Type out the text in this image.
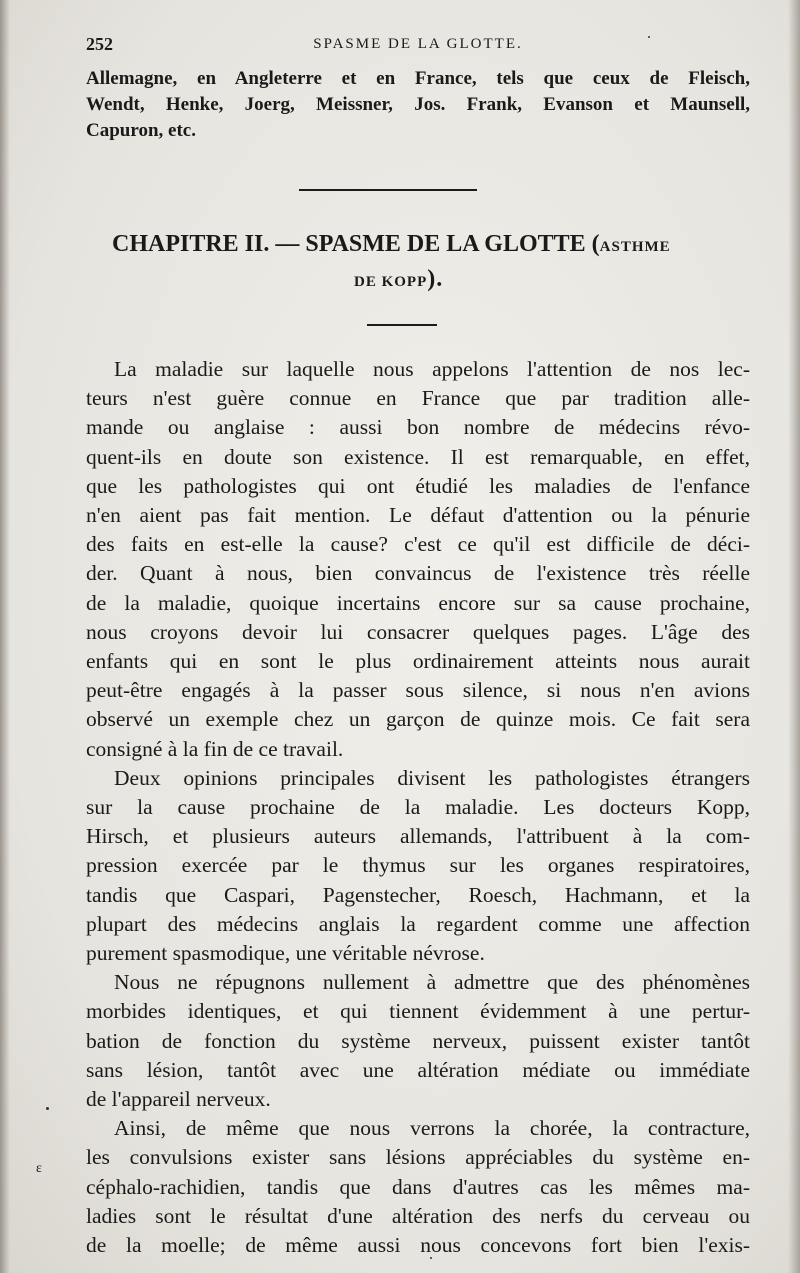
252	SPASME DE LA GLOTTE.
Allemagne, en Angleterre et en France, tels que ceux de Fleisch,
Wendt, Henke, Joerg, Meissner, Jos. Frank, Evanson et Maunsell,
Capuron, etc.
CHAPITRE II. — SPASME DE LA GLOTTE (ASTHME
DE KOPP).
La maladie sur laquelle nous appelons l'attention de nos lec-
teurs n'est guère connue en France que par tradition alle-
mande ou anglaise : aussi bon nombre de médecins révo-
quent-ils en doute son existence. Il est remarquable, en effet,
que les pathologistes qui ont étudié les maladies de l'enfance
n'en aient pas fait mention. Le défaut d'attention ou la pénurie
des faits en est-elle la cause? c'est ce qu'il est difficile de déci-
der. Quant à nous, bien convaincus de l'existence très réelle
de la maladie, quoique incertains encore sur sa cause prochaine,
nous croyons devoir lui consacrer quelques pages. L'âge des
enfants qui en sont le plus ordinairement atteints nous aurait
peut-être engagés à la passer sous silence, si nous n'en avions
observé un exemple chez un garçon de quinze mois. Ce fait sera
consigné à la fin de ce travail.
Deux opinions principales divisent les pathologistes étrangers
sur la cause prochaine de la maladie. Les docteurs Kopp,
Hirsch, et plusieurs auteurs allemands, l'attribuent à la com-
pression exercée par le thymus sur les organes respiratoires,
tandis que Caspari, Pagenstecher, Roesch, Hachmann, et la
plupart des médecins anglais la regardent comme une affection
purement spasmodique, une véritable névrose.
Nous ne répugnons nullement à admettre que des phénomènes
morbides identiques, et qui tiennent évidemment à une pertur-
bation de fonction du système nerveux, puissent exister tantôt
sans lésion, tantôt avec une altération médiate ou immédiate
de l'appareil nerveux.
Ainsi, de même que nous verrons la chorée, la contracture,
les convulsions exister sans lésions appréciables du système en-
céphalo-rachidien, tandis que dans d'autres cas les mêmes ma-
ladies sont le résultat d'une altération des nerfs du cerveau ou
de la moelle; de même aussi nous concevons fort bien l'exis-
ɛ
